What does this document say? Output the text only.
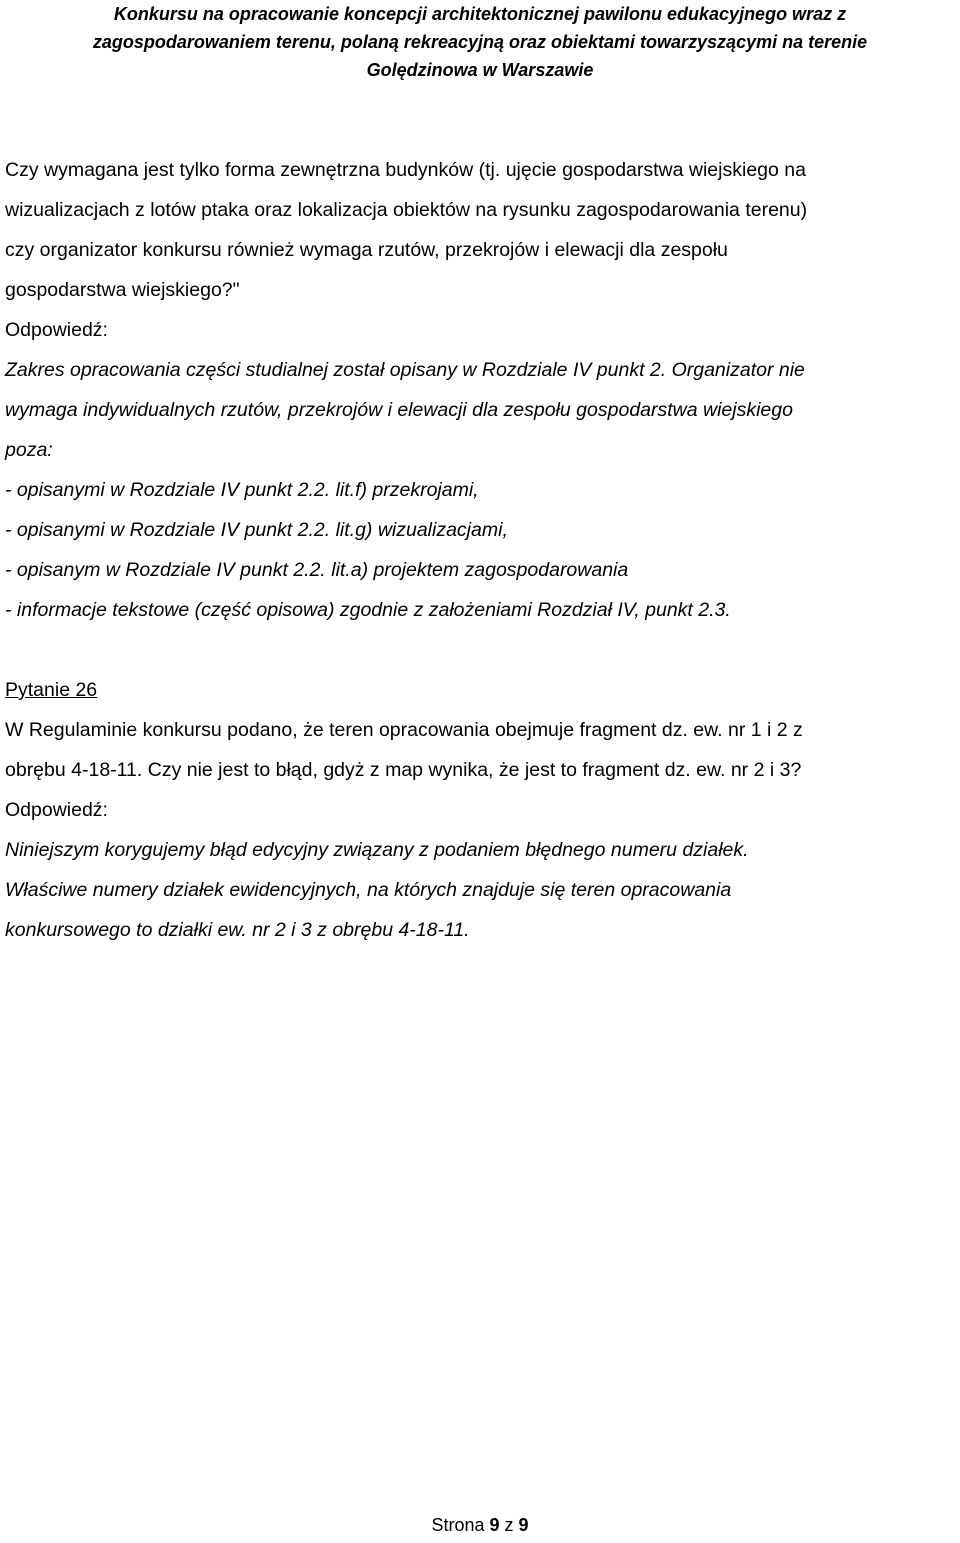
Konkursu na opracowanie koncepcji architektonicznej pawilonu edukacyjnego wraz z
zagospodarowaniem terenu, polaną rekreacyjną oraz obiektami towarzyszącymi na terenie
Golędzinowa w Warszawie
Czy wymagana jest tylko forma zewnętrzna budynków (tj. ujęcie gospodarstwa wiejskiego na
wizualizacjach z lotów ptaka oraz lokalizacja obiektów na rysunku zagospodarowania terenu)
czy organizator konkursu również wymaga rzutów, przekrojów i elewacji dla zespołu
gospodarstwa wiejskiego?"
Odpowiedź:
Zakres opracowania części studialnej został opisany w Rozdziale IV punkt 2. Organizator nie
wymaga indywidualnych rzutów, przekrojów i elewacji dla zespołu gospodarstwa wiejskiego
poza:
- opisanymi w Rozdziale IV punkt 2.2. lit.f) przekrojami,
- opisanymi w Rozdziale IV punkt 2.2. lit.g) wizualizacjami,
- opisanym w Rozdziale IV punkt 2.2. lit.a) projektem zagospodarowania
- informacje tekstowe (część opisowa) zgodnie z założeniami Rozdział IV, punkt 2.3.
Pytanie 26
W Regulaminie konkursu podano, że teren opracowania obejmuje fragment dz. ew. nr 1 i 2 z
obrębu 4-18-11. Czy nie jest to błąd, gdyż z map wynika, że jest to fragment dz. ew. nr 2 i 3?
Odpowiedź:
Niniejszym korygujemy błąd edycyjny związany z podaniem błędnego numeru działek.
Właściwe numery działek ewidencyjnych, na których znajduje się teren opracowania
konkursowego to działki ew. nr 2 i 3 z obrębu 4-18-11.
Strona 9 z 9
